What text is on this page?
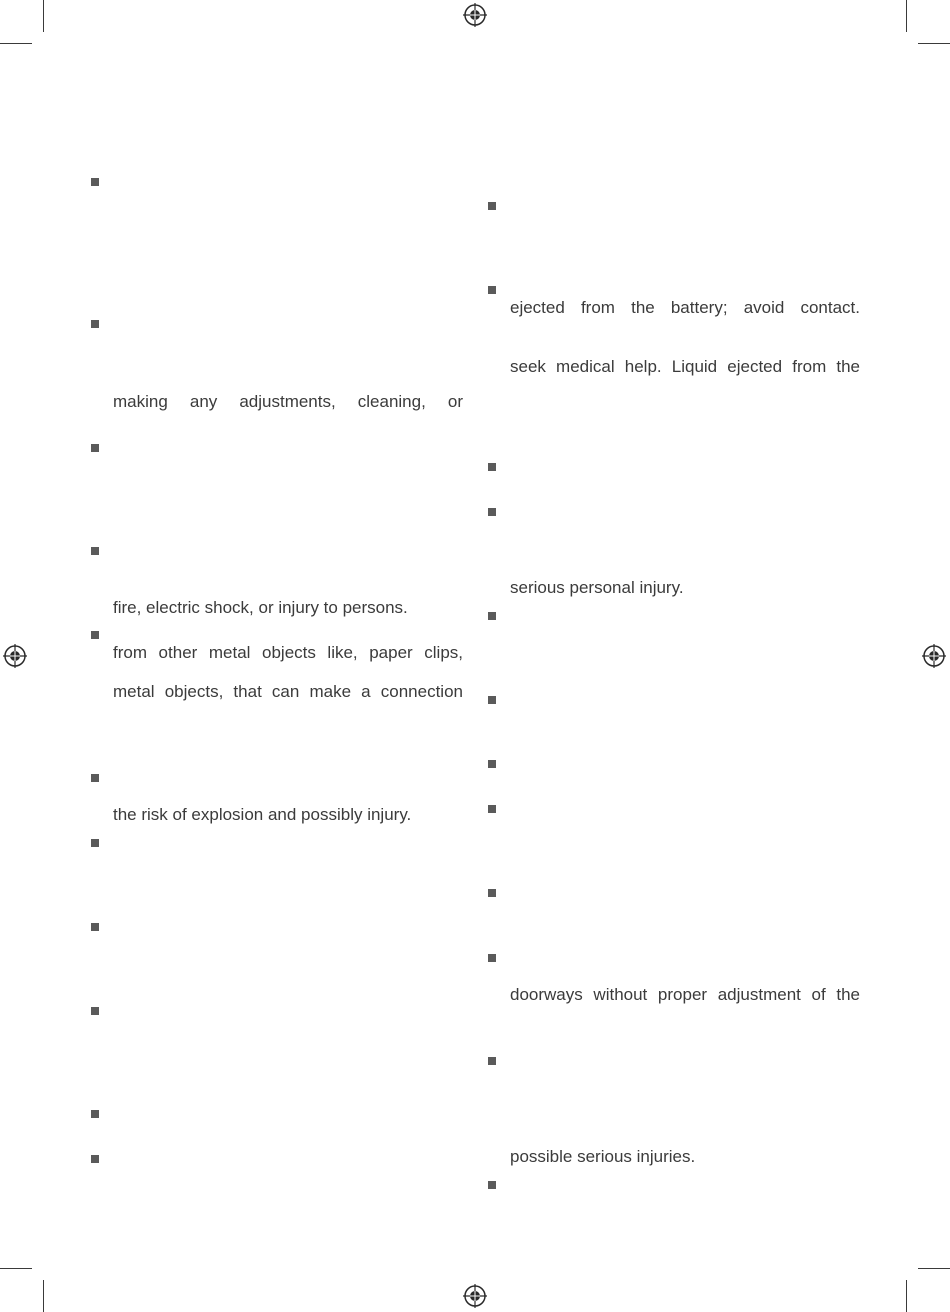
making any adjustments, cleaning, or
fire, electric shock, or injury to persons.
from other metal objects like, paper clips,
metal objects, that can make a connection
the risk of explosion and possibly injury.
ejected from the battery; avoid contact.
seek medical help. Liquid ejected from the
serious personal injury.
doorways without proper adjustment of the
possible serious injuries.
